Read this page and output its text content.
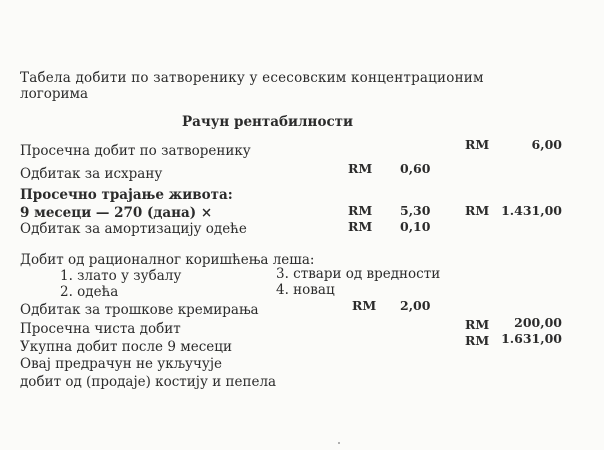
Табела добити по затворенику у есесовским концентрационим
логорима
Рачун рентабилности
Просечна добит по затворенику	RM	6,00
Одбитак за исхрану	RM 0,60
Просечно трајање живота:
9 месеци — 270 (дана) ×	RM 5,30	RM 1.431,00
Одбитак за амортизацију одеће	RM 0,10
Добит од рационалног коришћења леша:
1. злато у зубалу
2. одећа
3. ствари од вредности
4. новац
Одбитак за трошкове кремирања	RM 2,00
Просечна чиста добит	RM	200,00
Укупна добит после 9 месеци	RM 1.631,00
Овај предрачун не укључује
добит од (продаје) костију и пепела
